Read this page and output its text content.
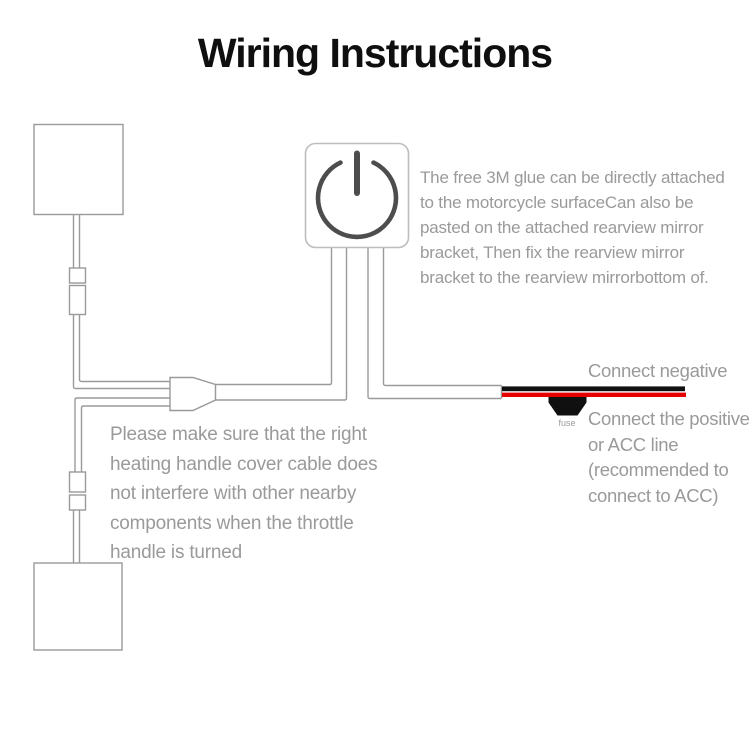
Wiring Instructions
The free 3M glue can be directly attached
to the motorcycle surfaceCan also be
pasted on the attached rearview mirror
bracket, Then fix the rearview mirror
bracket to the rearview mirrorbottom of.
Please make sure that the right
heating handle cover cable does
not interfere with other nearby
components when the throttle
handle is turned
Connect negative
Connect the positive
or ACC line
(recommended to
connect to ACC)
fuse
